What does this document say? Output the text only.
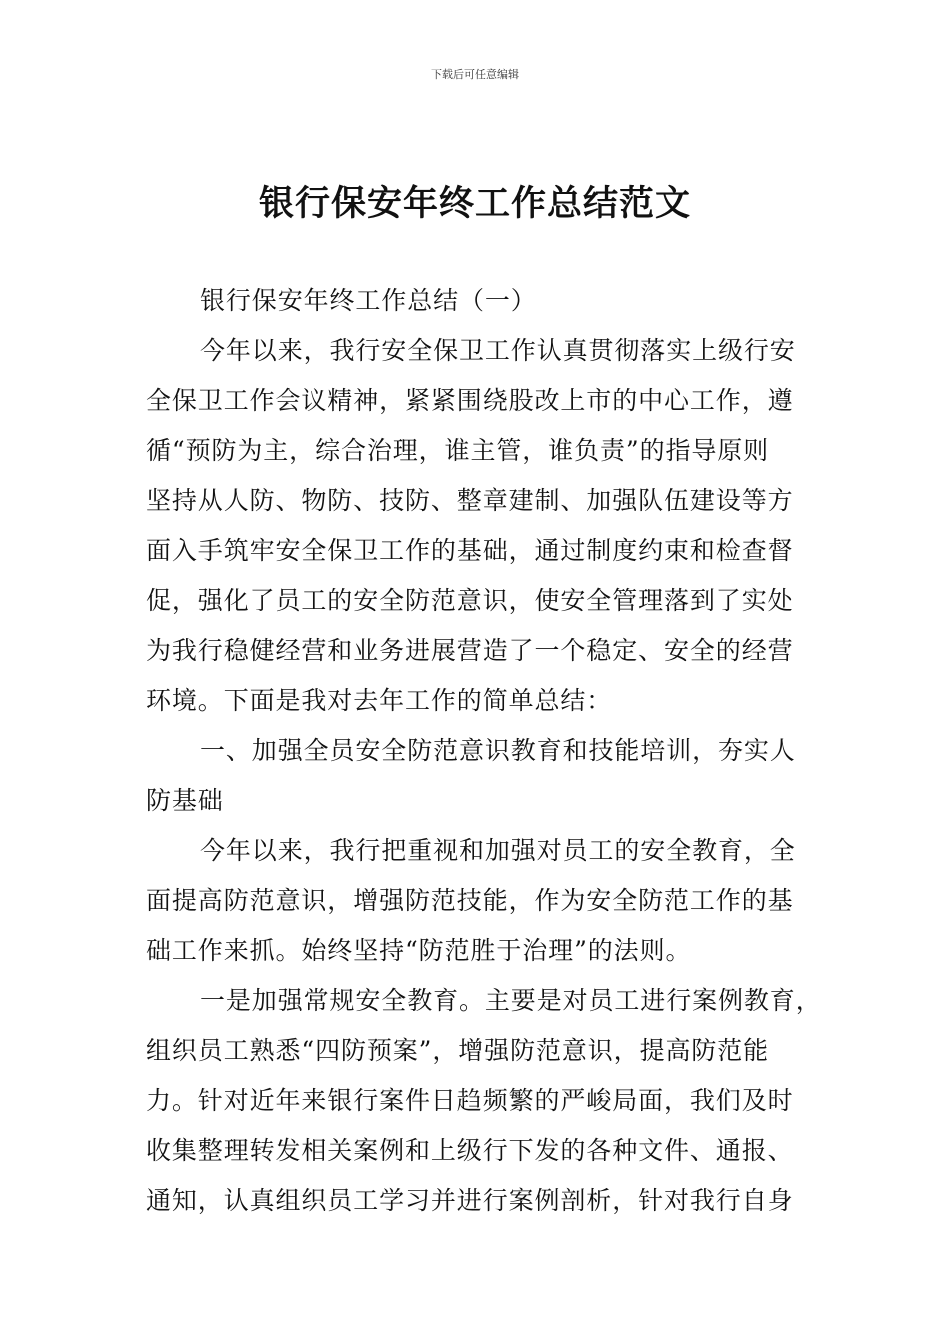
下载后可任意编辑
银行保安年终工作总结范文
银行保安年终工作总结（一）
今年以来，我行安全保卫工作认真贯彻落实上级行安
全保卫工作会议精神，紧紧围绕股改上市的中心工作，遵
循“预防为主，综合治理，谁主管，谁负责”的指导原则
坚持从人防、物防、技防、整章建制、加强队伍建设等方
面入手筑牢安全保卫工作的基础，通过制度约束和检查督
促，强化了员工的安全防范意识，使安全管理落到了实处
为我行稳健经营和业务进展营造了一个稳定、安全的经营
环境。下面是我对去年工作的简单总结：
一、加强全员安全防范意识教育和技能培训，夯实人
防基础
今年以来，我行把重视和加强对员工的安全教育，全
面提高防范意识，增强防范技能，作为安全防范工作的基
础工作来抓。始终坚持“防范胜于治理”的法则。
一是加强常规安全教育。主要是对员工进行案例教育，
组织员工熟悉“四防预案”，增强防范意识，提高防范能
力。针对近年来银行案件日趋频繁的严峻局面，我们及时
收集整理转发相关案例和上级行下发的各种文件、通报、
通知，认真组织员工学习并进行案例剖析，针对我行自身
